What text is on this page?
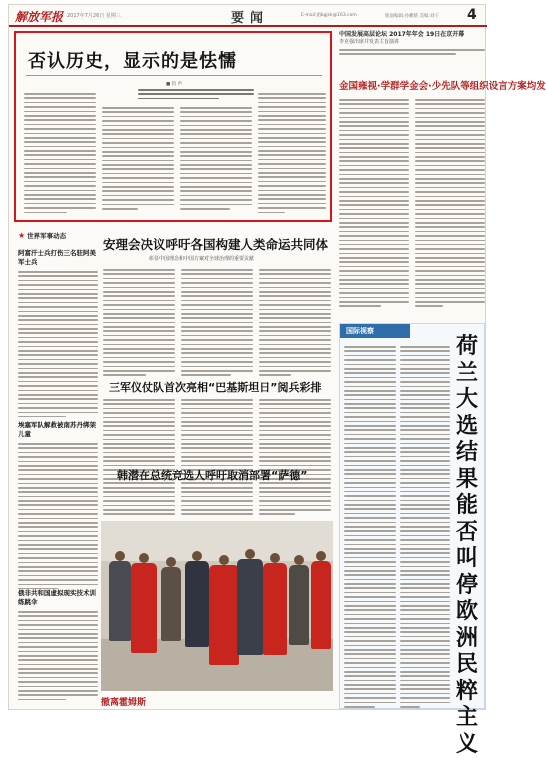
解放军报 2017年7月26日 星期三	要闻	E-mail:jfjbgjsk@163.com	版面编辑:孙鹏鹤 美编:刘子 4
否认历史，显示的是怯懦
■ 钧 声
中国发展高层论坛 2017年年会 19日在京开幕
李克强出席并发表主旨演讲
金国雍视·学群学金会·少先队等组织设言方案均发
★ 世界军事动态
阿富汗士兵打伤三名驻阿美军士兵
埃塞军队解救被南苏丹绑架儿童
俄非共和国虚拟现实技术训练跳伞
安理会决议呼吁各国构建人类命运共同体
彰显中国理念和中国方案对全球治理的重要贡献
三军仪仗队首次亮相“巴基斯坦日”阅兵彩排
韩潜在总统竞选人呼吁取消部署“萨德”
撤离霍姆斯
国际视察
荷兰大选结果能否叫停欧洲民粹主义
